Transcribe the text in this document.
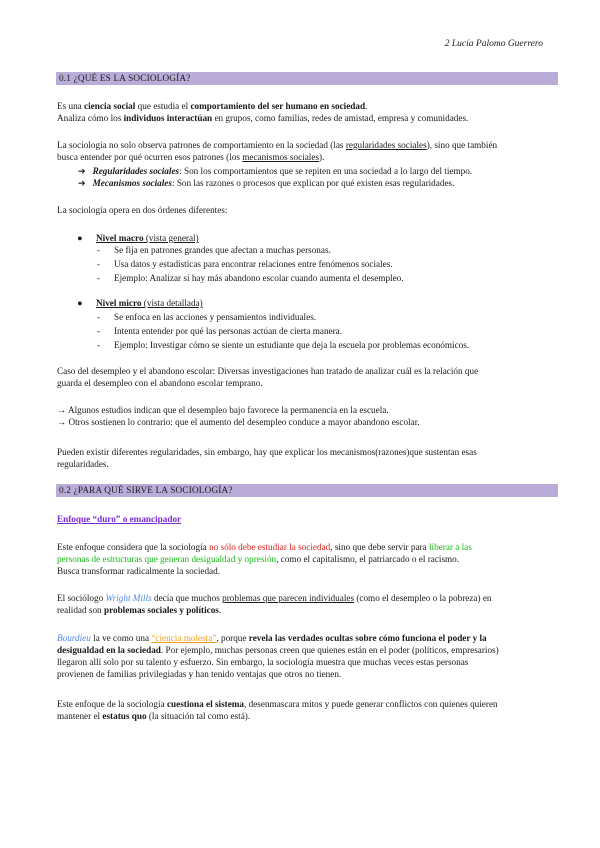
2 Lucía Palomo Guerrero
0.1 ¿QUÉ ES LA SOCIOLOGÍA?
Es una ciencia social que estudia el comportamiento del ser humano en sociedad.
Analiza cómo los individuos interactúan en grupos, como familias, redes de amistad, empresa y comunidades.
La sociología no solo observa patrones de comportamiento en la sociedad (las regularidades sociales), sino que también
busca entender por qué ocurren esos patrones (los mecanismos sociales).
➔ Regularidades sociales: Son los comportamientos que se repiten en una sociedad a lo largo del tiempo.
➔ Mecanismos sociales: Son las razones o procesos que explican por qué existen esas regularidades.
La sociología opera en dos órdenes diferentes:
● Nivel macro (vista general)
- Se fija en patrones grandes que afectan a muchas personas.
- Usa datos y estadísticas para encontrar relaciones entre fenómenos sociales.
- Ejemplo: Analizar si hay más abandono escolar cuando aumenta el desempleo.
● Nivel micro (vista detallada)
- Se enfoca en las acciones y pensamientos individuales.
- Intenta entender por qué las personas actúan de cierta manera.
- Ejemplo: Investigar cómo se siente un estudiante que deja la escuela por problemas económicos.
Caso del desempleo y el abandono escolar: Diversas investigaciones han tratado de analizar cuál es la relación que
guarda el desempleo con el abandono escolar temprano.
→ Algunos estudios indican que el desempleo bajo favorece la permanencia en la escuela.
→ Otros sostienen lo contrario: que el aumento del desempleo conduce a mayor abandono escolar.
Pueden existir diferentes regularidades, sin embargo, hay que explicar los mecanismos(razones)que sustentan esas
regularidades.
0.2 ¿PARA QUÉ SIRVE LA SOCIOLOGÍA?
Enfoque “duro” o emancipador
Este enfoque considera que la sociología no sólo debe estudiar la sociedad, sino que debe servir para liberar a las
personas de estructuras que generan desigualdad y opresión, como el capitalismo, el patriarcado o el racismo.
Busca transformar radicalmente la sociedad.
El sociólogo Wright Mills decía que muchos problemas que parecen individuales (como el desempleo o la pobreza) en
realidad son problemas sociales y políticos.
Bourdieu la ve como una “ciencia molesta”, porque revela las verdades ocultas sobre cómo funciona el poder y la
desigualdad en la sociedad. Por ejemplo, muchas personas creen que quienes están en el poder (políticos, empresarios)
llegaron allí solo por su talento y esfuerzo. Sin embargo, la sociología muestra que muchas veces estas personas
provienen de familias privilegiadas y han tenido ventajas que otros no tienen.
Este enfoque de la sociología cuestiona el sistema, desenmascara mitos y puede generar conflictos con quienes quieren
mantener el estatus quo (la situación tal como está).
